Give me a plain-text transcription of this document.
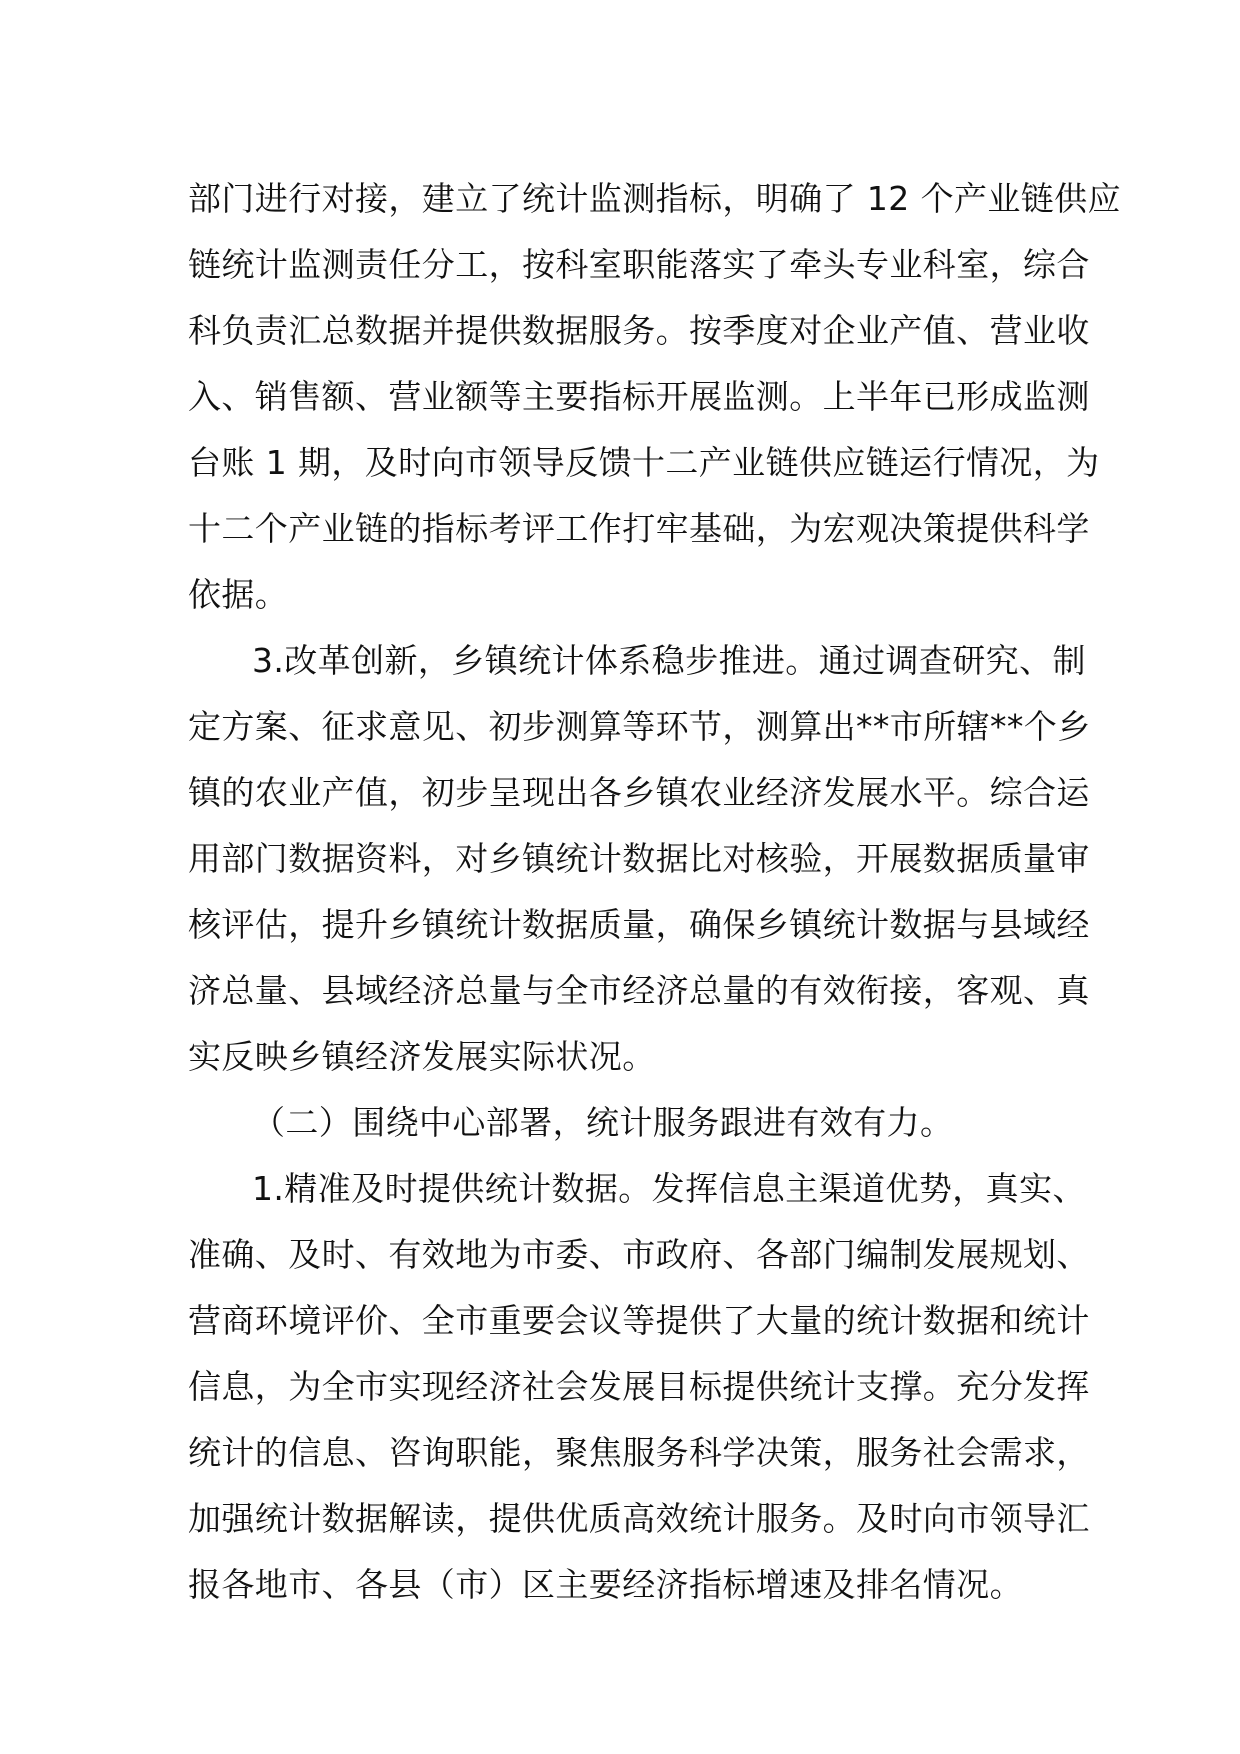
部门进行对接，建立了统计监测指标，明确了 12 个产业链供应
链统计监测责任分工，按科室职能落实了牵头专业科室，综合
科负责汇总数据并提供数据服务。按季度对企业产值、营业收
入、销售额、营业额等主要指标开展监测。上半年已形成监测
台账 1 期，及时向市领导反馈十二产业链供应链运行情况，为
十二个产业链的指标考评工作打牢基础，为宏观决策提供科学
依据。

3.改革创新，乡镇统计体系稳步推进。通过调查研究、制
定方案、征求意见、初步测算等环节，测算出**市所辖**个乡
镇的农业产值，初步呈现出各乡镇农业经济发展水平。综合运
用部门数据资料，对乡镇统计数据比对核验，开展数据质量审
核评估，提升乡镇统计数据质量，确保乡镇统计数据与县域经
济总量、县域经济总量与全市经济总量的有效衔接，客观、真
实反映乡镇经济发展实际状况。

（二）围绕中心部署，统计服务跟进有效有力。

1.精准及时提供统计数据。发挥信息主渠道优势，真实、
准确、及时、有效地为市委、市政府、各部门编制发展规划、
营商环境评价、全市重要会议等提供了大量的统计数据和统计
信息，为全市实现经济社会发展目标提供统计支撑。充分发挥
统计的信息、咨询职能，聚焦服务科学决策，服务社会需求，
加强统计数据解读，提供优质高效统计服务。及时向市领导汇
报各地市、各县（市）区主要经济指标增速及排名情况。
